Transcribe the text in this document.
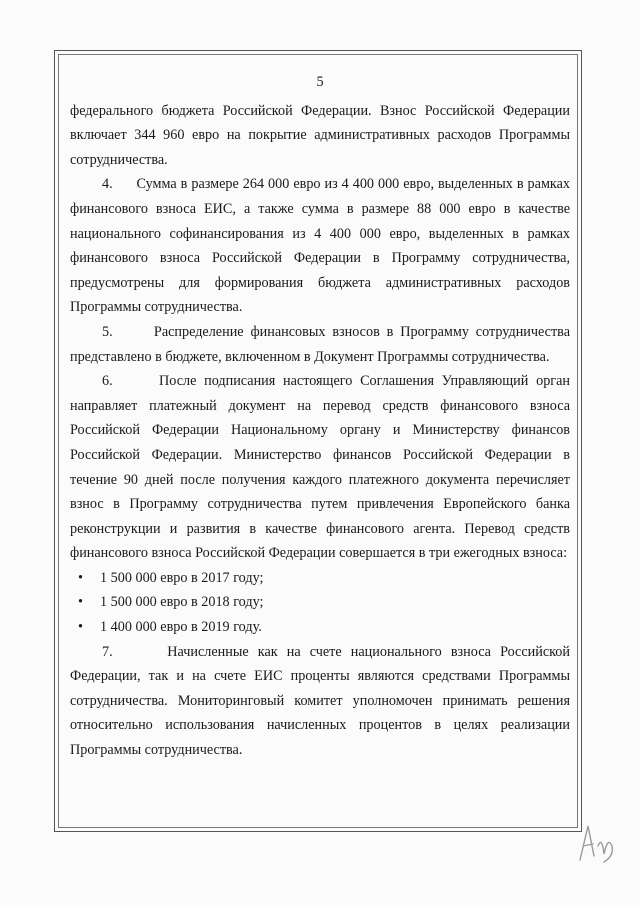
5

федерального бюджета Российской Федерации. Взнос Российской Федерации включает 344 960 евро на покрытие административных расходов Программы сотрудничества.

4.      Сумма в размере 264 000 евро из 4 400 000 евро, выделенных в рамках финансового взноса ЕИС, а также сумма в размере 88 000 евро в качестве национального софинансирования из 4 400 000 евро, выделенных в рамках финансового взноса Российской Федерации в Программу сотрудничества, предусмотрены для формирования бюджета административных расходов Программы сотрудничества.

5.      Распределение финансовых взносов в Программу сотрудничества представлено в бюджете, включенном в Документ Программы сотрудничества.

6.      После подписания настоящего Соглашения Управляющий орган направляет платежный документ на перевод средств финансового взноса Российской Федерации Национальному органу и Министерству финансов Российской Федерации. Министерство финансов Российской Федерации в течение 90 дней после получения каждого платежного документа перечисляет взнос в Программу сотрудничества путем привлечения Европейского банка реконструкции и развития в качестве финансового агента. Перевод средств финансового взноса Российской Федерации совершается в три ежегодных взноса:

•	1 500 000 евро в 2017 году;
•	1 500 000 евро в 2018 году;
•	1 400 000 евро в 2019 году.

7.      Начисленные как на счете национального взноса Российской Федерации, так и на счете ЕИС проценты являются средствами Программы сотрудничества. Мониторинговый комитет уполномочен принимать решения относительно использования начисленных процентов в целях реализации Программы сотрудничества.
